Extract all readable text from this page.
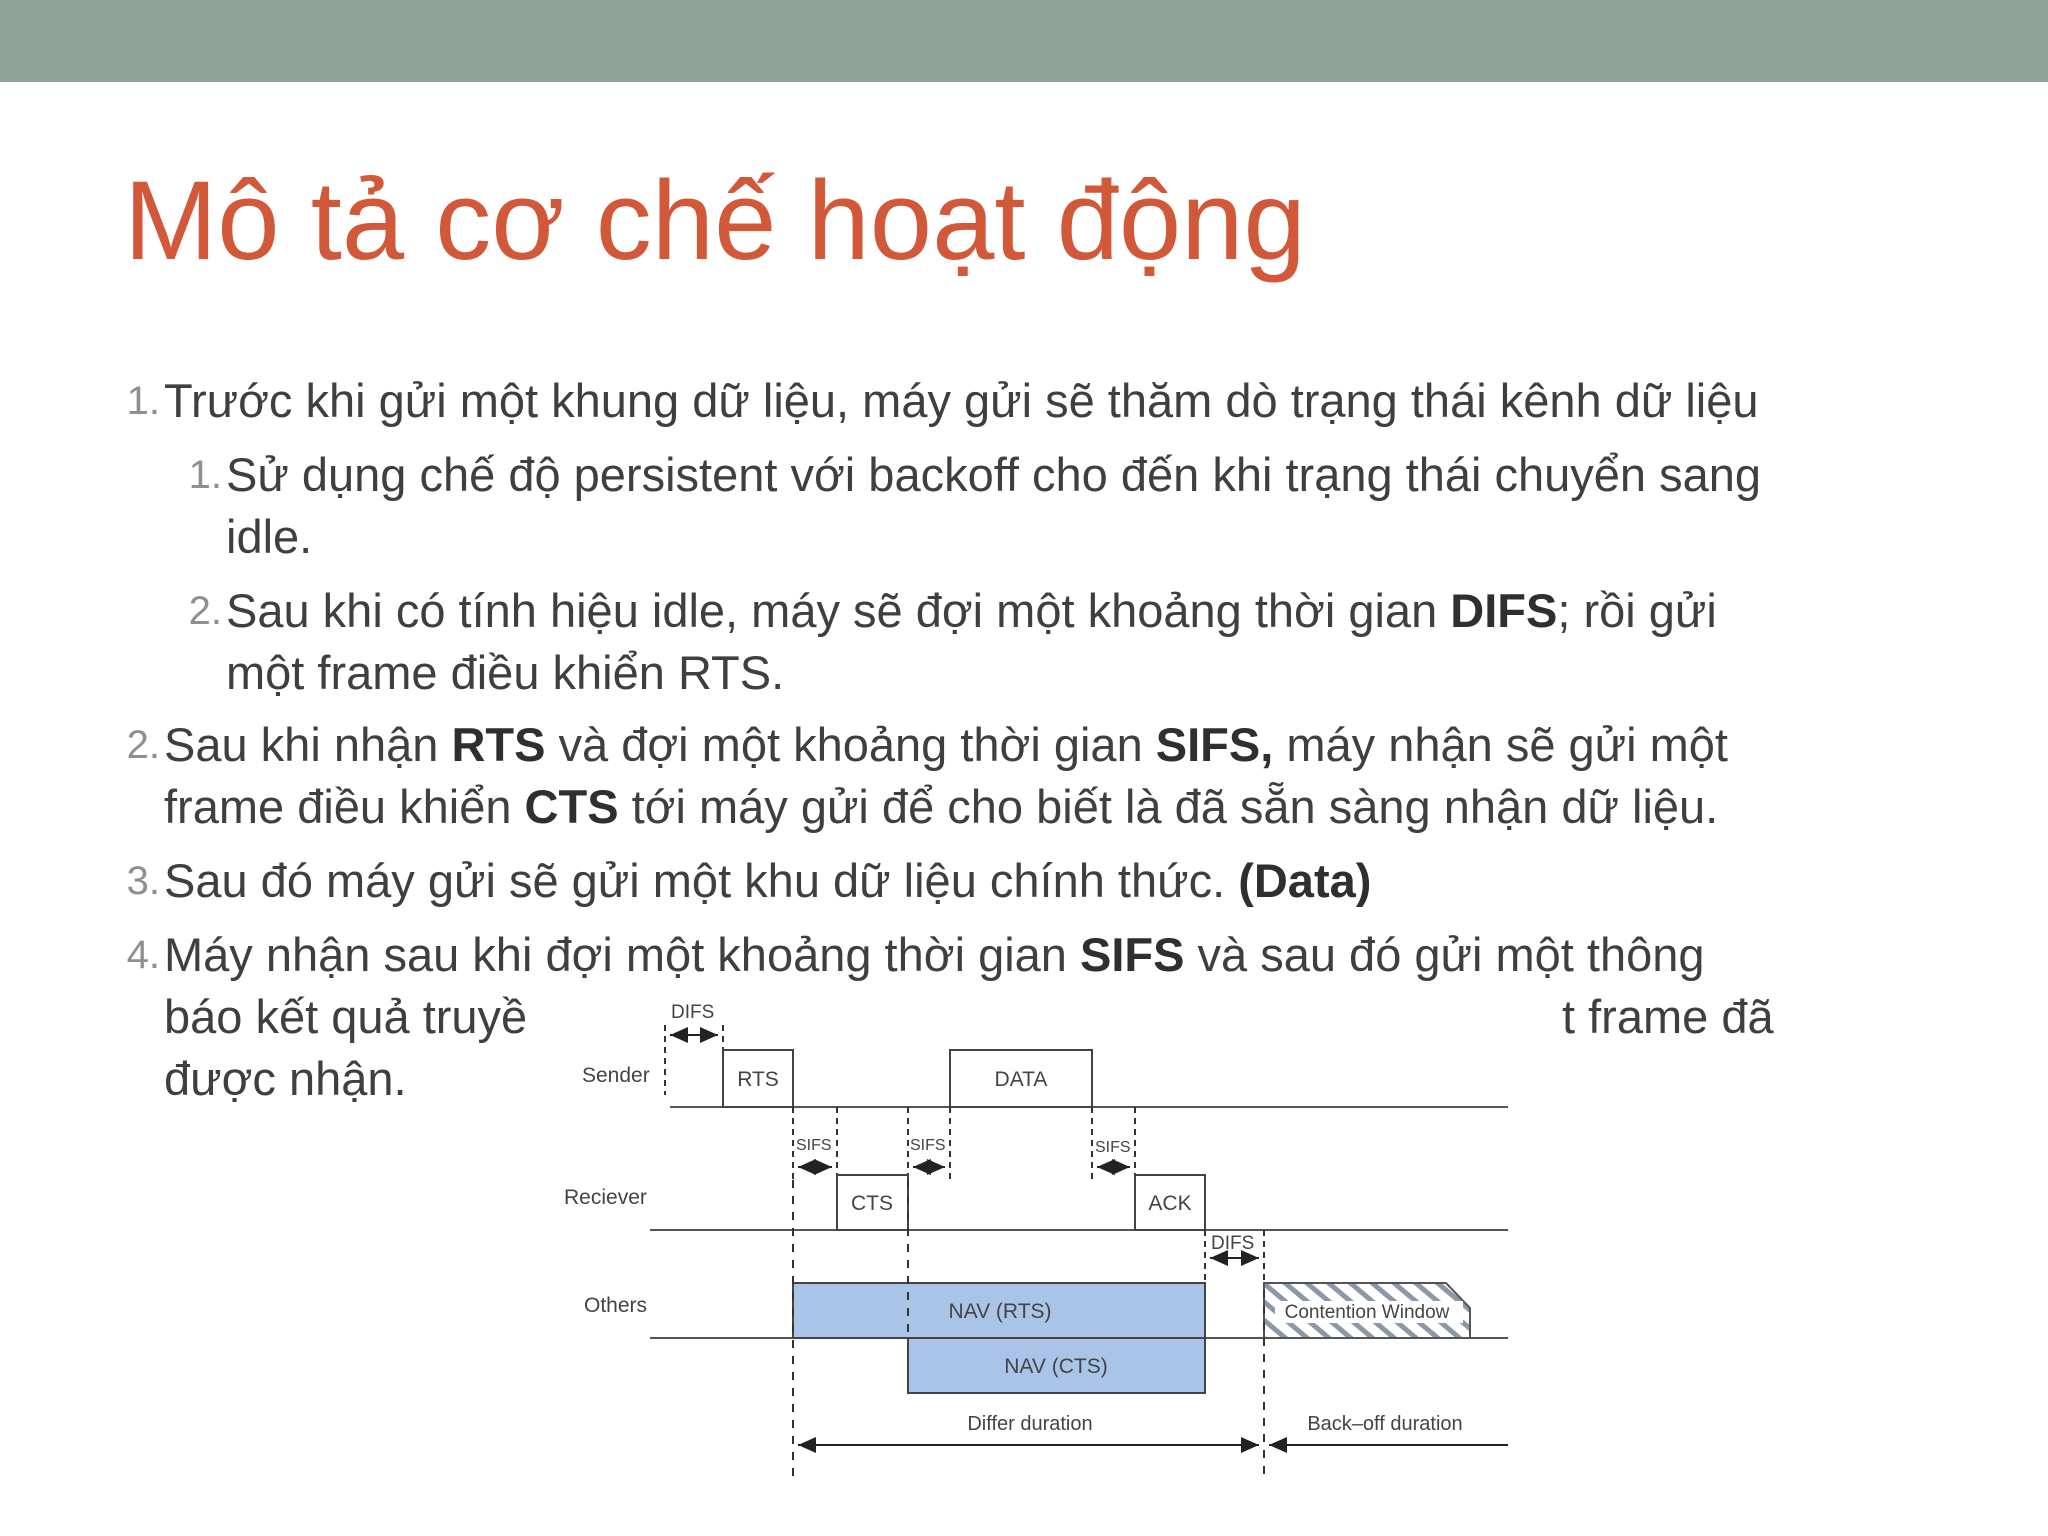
Mô tả cơ chế hoạt động
1. Trước khi gửi một khung dữ liệu, máy gửi sẽ thăm dò trạng thái kênh dữ liệu
1. Sử dụng chế độ persistent với backoff cho đến khi trạng thái chuyển sang
idle.
2. Sau khi có tính hiệu idle, máy sẽ đợi một khoảng thời gian DIFS; rồi gửi
một frame điều khiển RTS.
2. Sau khi nhận RTS và đợi một khoảng thời gian SIFS, máy nhận sẽ gửi một
frame điều khiển CTS tới máy gửi để cho biết là đã sẵn sàng nhận dữ liệu.
3. Sau đó máy gửi sẽ gửi một khu dữ liệu chính thức. (Data)
4. Máy nhận sau khi đợi một khoảng thời gian SIFS và sau đó gửi một thông
báo kết quả truyề
được nhận.
t frame đã
Sender
Reciever
Others
DIFS
RTS	DATA
SIFS	SIFS	SIFS
CTS	ACK
DIFS
NAV (RTS)
NAV (CTS)
Contention Window
Differ duration	Back–off duration
